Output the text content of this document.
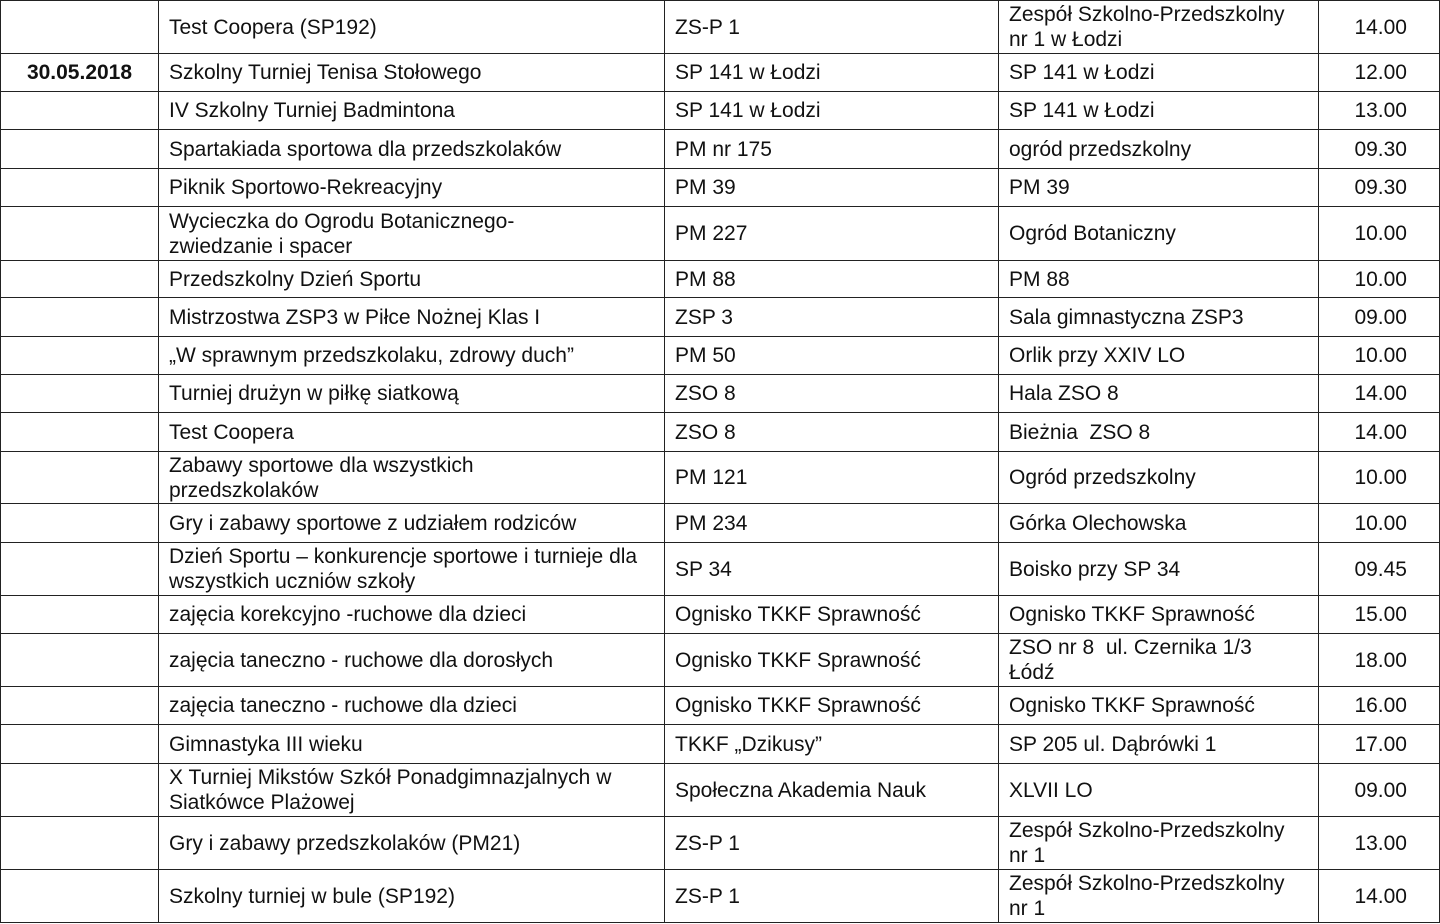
	Test Coopera (SP192)	ZS-P 1	Zespół Szkolno-Przedszkolny nr 1 w Łodzi	14.00
30.05.2018	Szkolny Turniej Tenisa Stołowego	SP 141 w Łodzi	SP 141 w Łodzi	12.00
	IV Szkolny Turniej Badmintona	SP 141 w Łodzi	SP 141 w Łodzi	13.00
	Spartakiada sportowa dla przedszkolaków	PM nr 175	ogród przedszkolny	09.30
	Piknik Sportowo-Rekreacyjny	PM 39	PM 39	09.30

	Wycieczka do Ogrodu Botanicznego- zwiedzanie i spacer	PM 227	Ogród Botaniczny	10.00
	Przedszkolny Dzień Sportu	PM 88	PM 88	10.00
	Mistrzostwa ZSP3 w Piłce Nożnej Klas I	ZSP 3	Sala gimnastyczna ZSP3	09.00
	„W sprawnym przedszkolaku, zdrowy duch”	PM 50	Orlik przy XXIV LO	10.00
	Turniej drużyn w piłkę siatkową	ZSO 8	Hala ZSO 8	14.00
	Test Coopera	ZSO 8	Bieżnia  ZSO 8	14.00

	Zabawy sportowe dla wszystkich przedszkolaków	PM 121	Ogród przedszkolny	10.00
	Gry i zabawy sportowe z udziałem rodziców	PM 234	Górka Olechowska	10.00
	Dzień Sportu – konkurencje sportowe i turnieje dla wszystkich uczniów szkoły	SP 34	Boisko przy SP 34	09.45
	zajęcia korekcyjno -ruchowe dla dzieci	Ognisko TKKF Sprawność	Ognisko TKKF Sprawność	15.00
	zajęcia taneczno - ruchowe dla dorosłych	Ognisko TKKF Sprawność	ZSO nr 8  ul. Czernika 1/3 Łódź	18.00
	zajęcia taneczno - ruchowe dla dzieci	Ognisko TKKF Sprawność	Ognisko TKKF Sprawność	16.00
	Gimnastyka III wieku	TKKF „Dzikusy”	SP 205 ul. Dąbrówki 1	17.00
	X Turniej Mikstów Szkół Ponadgimnazjalnych w Siatkówce Plażowej	Społeczna Akademia Nauk	XLVII LO	09.00
	Gry i zabawy przedszkolaków (PM21)	ZS-P 1	Zespół Szkolno-Przedszkolny nr 1	13.00
	Szkolny turniej w bule (SP192)	ZS-P 1	Zespół Szkolno-Przedszkolny nr 1	14.00
